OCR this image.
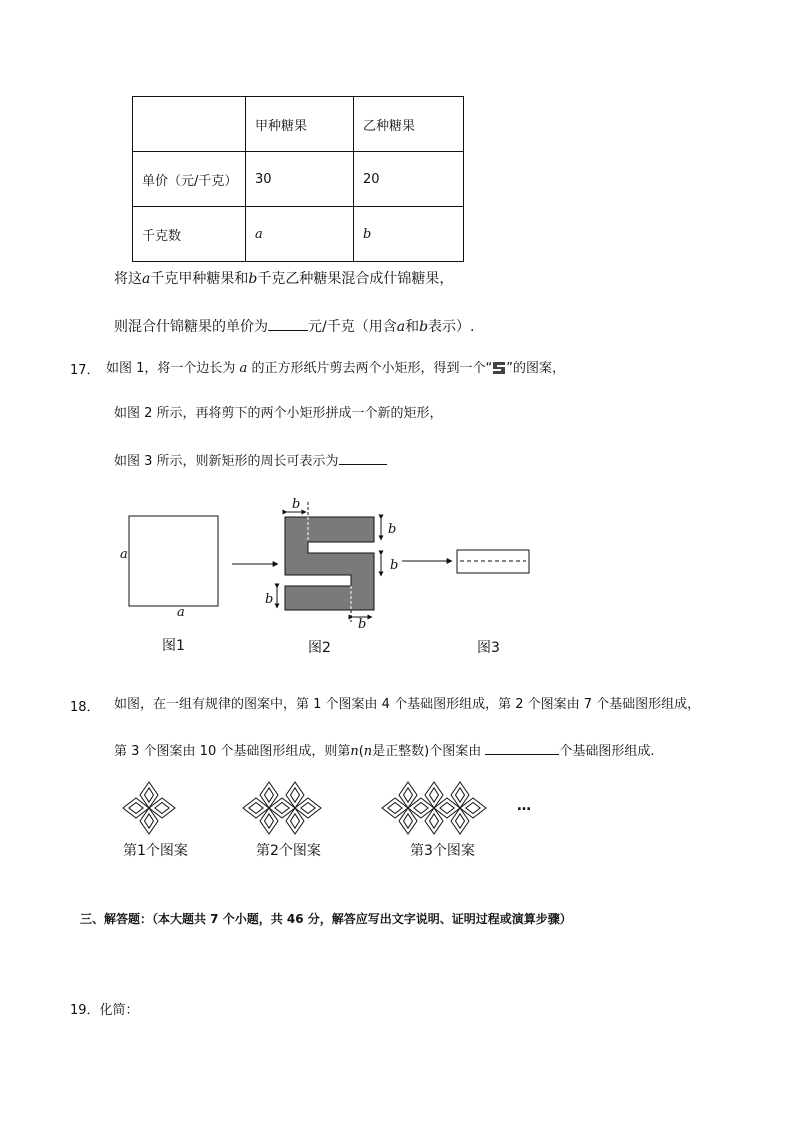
	甲种糖果	乙种糖果
单价（元/千克）	30	20
千克数	a	b
将这a千克甲种糖果和b千克乙种糖果混合成什锦糖果，
则混合什锦糖果的单价为	元/千克（用含a和b表示）.
17． 如图 1，将一个边长为 a 的正方形纸片剪去两个小矩形，得到一个“ ”的图案，
如图 2 所示，再将剪下的两个小矩形拼成一个新的矩形，
如图 3 所示，则新矩形的周长可表示为
a
a
b
b
b
b
b
图1	图2	图3
18． 如图，在一组有规律的图案中，第 1 个图案由 4 个基础图形组成，第 2 个图案由 7 个基础图形组成，
第 3 个图案由 10 个基础图形组成，则第n(n是正整数)个图案由	个基础图形组成.
第1个图案	第2个图案	第3个图案
…
三、解答题：（本大题共 7 个小题，共 46 分，解答应写出文字说明、证明过程或演算步骤）
19．化简：
